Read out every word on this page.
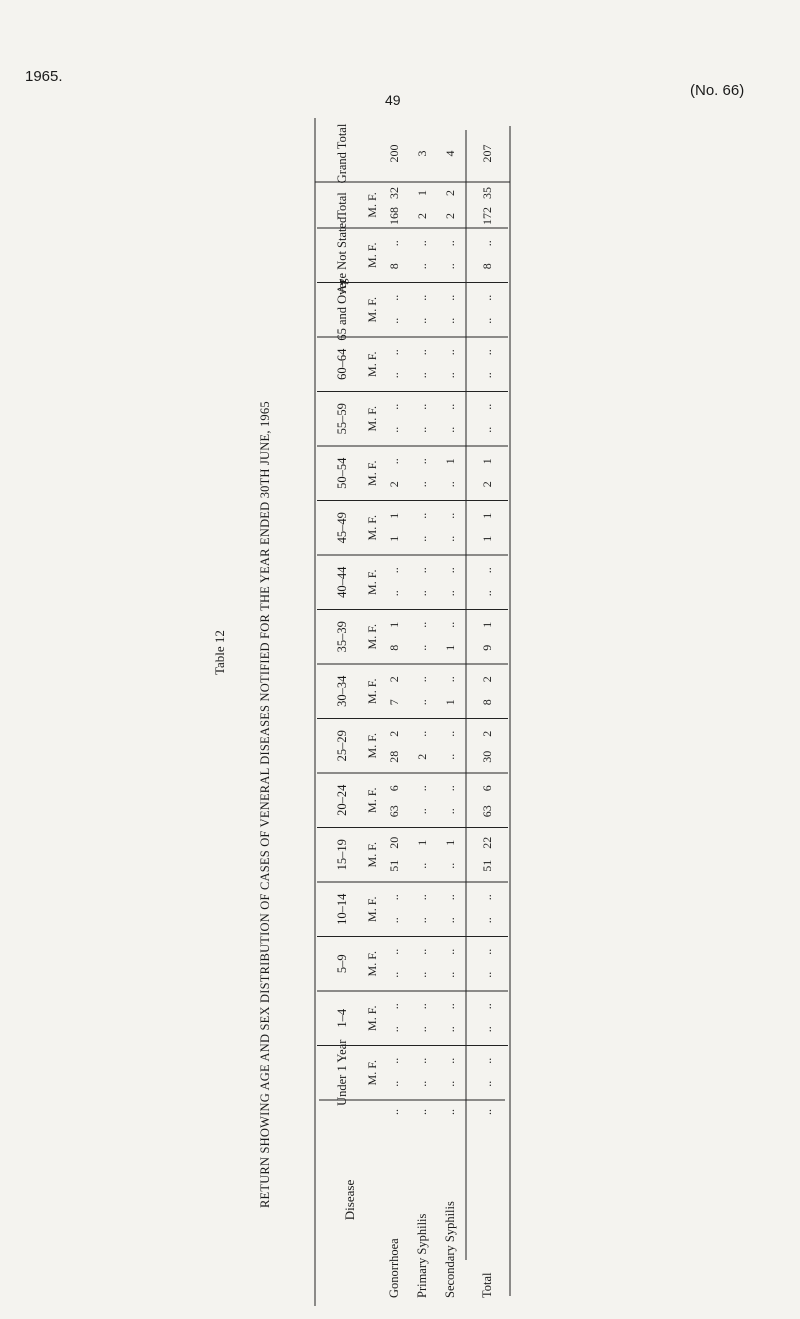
1965.
(No. 66)
49
Table 12 RETURN SHOWING AGE AND SEX DISTRIBUTION OF CASES OF VENERAL DISEASES NOTIFIED FOR THE YEAR ENDED 30TH JUNE, 1965	Disease
Under 1 Year M. F. ..
..
..
..
..
..
..
..
1–4 M. F. ..
..
..
..
..
..
..
..
5–9 M. F. ..
..
..
..
..
..
..
..
10–14 M. F. ..
..
..
..
..
..
..
..
15–19 M. F. 51
20
..
1
..
1
51
22
20–24 M. F. 63
6
..
..
..
..
63
6
25–29 M. F. 28
2
2
..
..
..
30
2
30–34 M. F. 7
2
..
..
1
..
8
2
35–39 M. F. 8
1
..
..
1
..
9
1
40–44 M. F. ..
..
..
..
..
..
..
..
45–49 M. F. 1
1
..
..
..
..
1
1
50–54 M. F. 2
..
..
..
..
1
2
1
55–59 M. F. ..
..
..
..
..
..
..
..
60–64 M. F. ..
..
..
..
..
..
..
..
65 and Over M. F. ..
..
..
..
..
..
..
..
Age Not Stated M. F. 8
..
..
..
..
..
8
..
Total M. F. 168
32
2
1
2
2
172
35
Grand Total	200 3 4 207
Gonorrhoea
..
Primary Syphilis
..
Secondary Syphilis
..
Total
..
